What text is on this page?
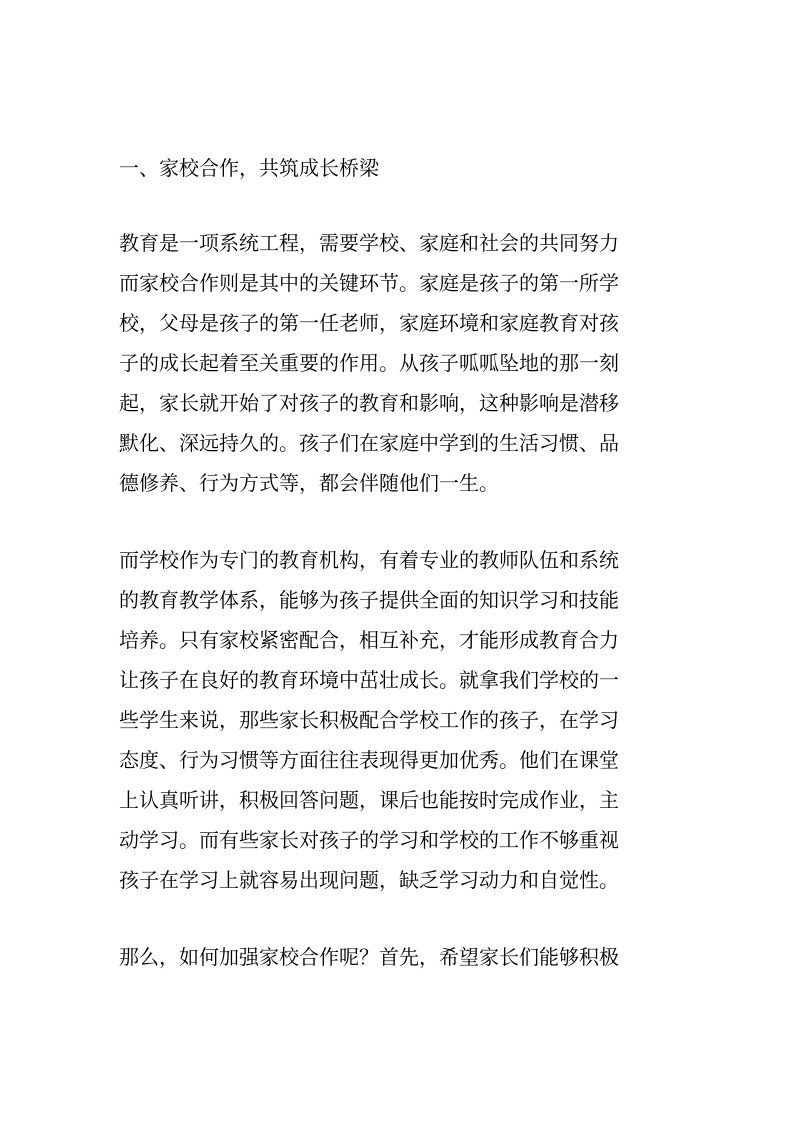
一、家校合作，共筑成长桥梁
教育是一项系统工程，需要学校、家庭和社会的共同努力
而家校合作则是其中的关键环节。家庭是孩子的第一所学
校，父母是孩子的第一任老师，家庭环境和家庭教育对孩
子的成长起着至关重要的作用。从孩子呱呱坠地的那一刻
起，家长就开始了对孩子的教育和影响，这种影响是潜移
默化、深远持久的。孩子们在家庭中学到的生活习惯、品
德修养、行为方式等，都会伴随他们一生。
而学校作为专门的教育机构，有着专业的教师队伍和系统
的教育教学体系，能够为孩子提供全面的知识学习和技能
培养。只有家校紧密配合，相互补充，才能形成教育合力
让孩子在良好的教育环境中茁壮成长。就拿我们学校的一
些学生来说，那些家长积极配合学校工作的孩子，在学习
态度、行为习惯等方面往往表现得更加优秀。他们在课堂
上认真听讲，积极回答问题，课后也能按时完成作业，主
动学习。而有些家长对孩子的学习和学校的工作不够重视
孩子在学习上就容易出现问题，缺乏学习动力和自觉性。
那么，如何加强家校合作呢？首先，希望家长们能够积极
